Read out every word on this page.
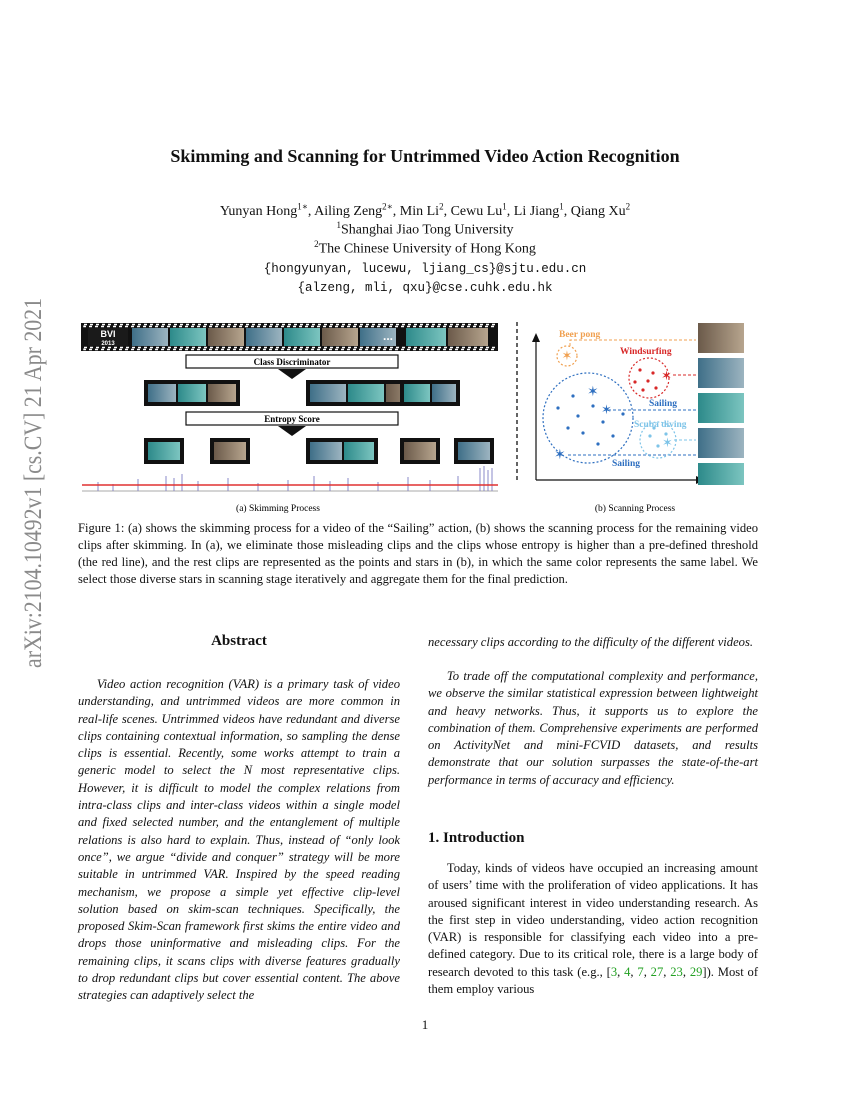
arXiv:2104.10492v1 [cs.CV] 21 Apr 2021
Skimming and Scanning for Untrimmed Video Action Recognition
Yunyan Hong$^{1∗}$, Ailing Zeng$^{2∗}$, Min Li$^2$, Cewu Lu$^1$, Li Jiang$^1$, Qiang Xu$^2$
$^1$Shanghai Jiao Tong University
$^2$The Chinese University of Hong Kong
{hongyunyan, lucewu, ljiang_cs}@sjtu.edu.cn
{alzeng, mli, qxu}@cse.cuhk.edu.hk
BVI
2013
...
Class Discriminator
Entropy Score
✶
Beer pong
✶
Windsurfing
✶
✶
✶
Sailing
Sailing
✶
Scuba diving
(a) Skimming Process	(b) Scanning Process
Figure 1: (a) shows the skimming process for a video of the “Sailing” action, (b) shows the scanning process for the remaining video clips after skimming. In (a), we eliminate those misleading clips and the clips whose entropy is higher than a pre-defined threshold (the red line), and the rest clips are represented as the points and stars in (b), in which the same color represents the same label. We select those diverse stars in scanning stage iteratively and aggregate them for the final prediction.
Abstract

Video action recognition (VAR) is a primary task of video understanding, and untrimmed videos are more common in real-life scenes. Untrimmed videos have redundant and diverse clips containing contextual information, so sampling the dense clips is essential. Recently, some works attempt to train a generic model to select the N most representative clips. However, it is difficult to model the complex relations from intra-class clips and inter-class videos within a single model and fixed selected number, and the entanglement of multiple relations is also hard to explain. Thus, instead of “only look once”, we argue “divide and conquer” strategy will be more suitable in untrimmed VAR. Inspired by the speed reading mechanism, we propose a simple yet effective clip-level solution based on skim-scan techniques. Specifically, the proposed Skim-Scan framework first skims the entire video and drops those uninformative and misleading clips. For the remaining clips, it scans clips with diverse features gradually to drop redundant clips but cover essential content. The above strategies can adaptively select the

necessary clips according to the difficulty of the different videos.

To trade off the computational complexity and performance, we observe the similar statistical expression between lightweight and heavy networks. Thus, it supports us to explore the combination of them. Comprehensive experiments are performed on ActivityNet and mini-FCVID datasets, and results demonstrate that our solution surpasses the state-of-the-art performance in terms of accuracy and efficiency.

1. Introduction

Today, kinds of videos have occupied an increasing amount of users’ time with the proliferation of video applications. It has aroused significant interest in video understanding research. As the first step in video understanding, video action recognition (VAR) is responsible for classifying each video into a pre-defined category. Due to its critical role, there is a large body of research devoted to this task (e.g., [3, 4, 7, 27, 23, 29]). Most of them employ various

1
